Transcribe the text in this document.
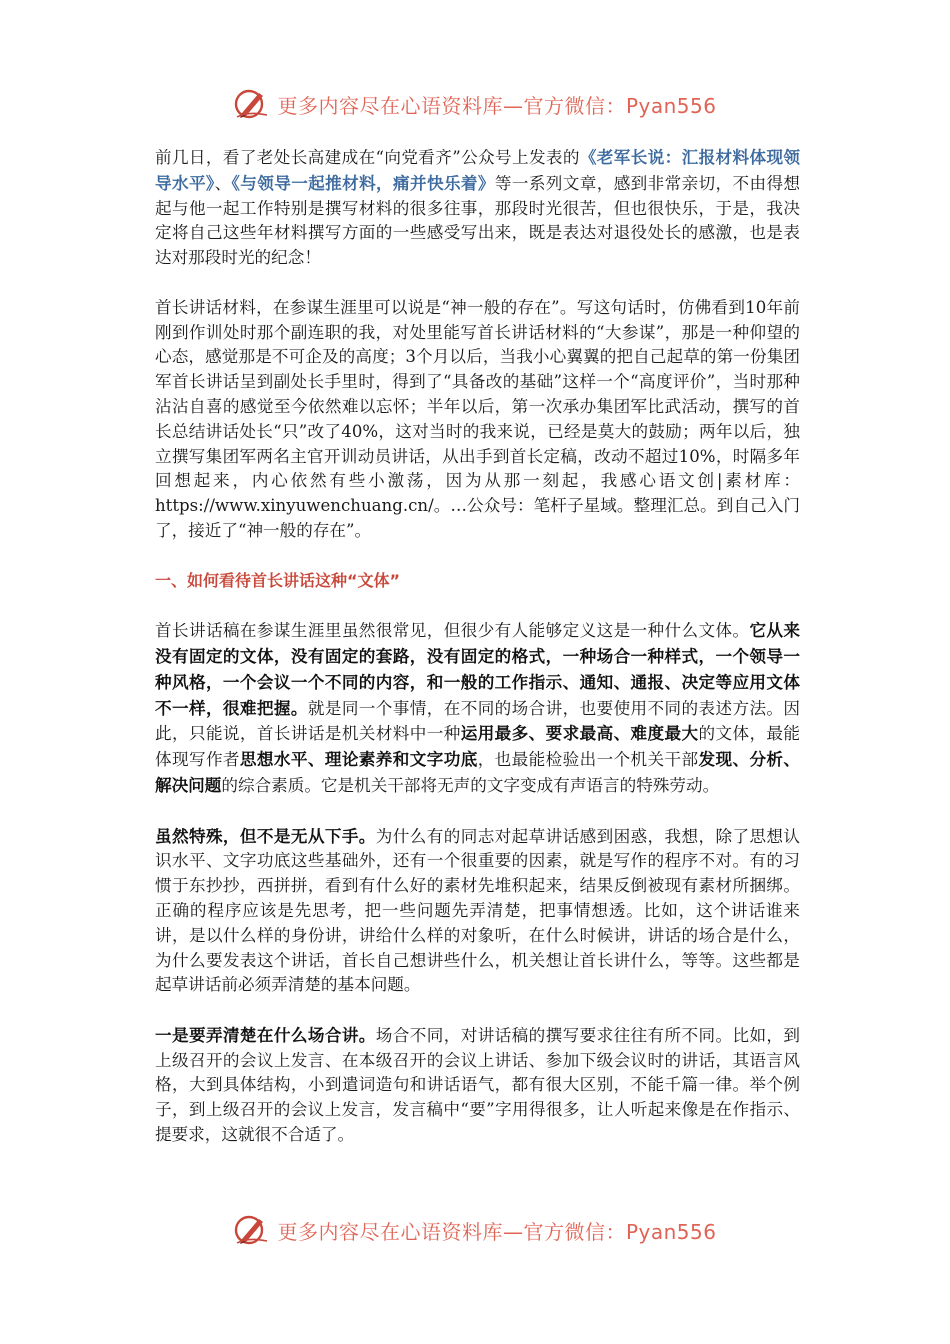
更多内容尽在心语资料库—官方微信：Pyan556

前几日，看了老处长高建成在“向党看齐”公众号上发表的《老军长说：汇报材料体现领导水平》、《与领导一起推材料，痛并快乐着》等一系列文章，感到非常亲切，不由得想起与他一起工作特别是撰写材料的很多往事，那段时光很苦，但也很快乐，于是，我决定将自己这些年材料撰写方面的一些感受写出来，既是表达对退役处长的感激，也是表达对那段时光的纪念！

首长讲话材料，在参谋生涯里可以说是“神一般的存在”。写这句话时，仿佛看到10年前刚到作训处时那个副连职的我，对处里能写首长讲话材料的“大参谋”，那是一种仰望的心态，感觉那是不可企及的高度；3个月以后，当我小心翼翼的把自己起草的第一份集团军首长讲话呈到副处长手里时，得到了“具备改的基础”这样一个“高度评价”，当时那种沾沾自喜的感觉至今依然难以忘怀；半年以后，第一次承办集团军比武活动，撰写的首长总结讲话处长“只”改了40%，这对当时的我来说，已经是莫大的鼓励；两年以后，独立撰写集团军两名主官开训动员讲话，从出手到首长定稿，改动不超过10%，时隔多年回想起来，内心依然有些小激荡，因为从那一刻起，我感心语文创|素材库：https://www.xinyuwenchuang.cn/。…公众号：笔杆子星域。整理汇总。到自己入门了，接近了“神一般的存在”。

一、如何看待首长讲话这种“文体”

首长讲话稿在参谋生涯里虽然很常见，但很少有人能够定义这是一种什么文体。它从来没有固定的文体，没有固定的套路，没有固定的格式，一种场合一种样式，一个领导一种风格，一个会议一个不同的内容，和一般的工作指示、通知、通报、决定等应用文体不一样，很难把握。就是同一个事情，在不同的场合讲，也要使用不同的表述方法。因此，只能说，首长讲话是机关材料中一种运用最多、要求最高、难度最大的文体，最能体现写作者思想水平、理论素养和文字功底，也最能检验出一个机关干部发现、分析、解决问题的综合素质。它是机关干部将无声的文字变成有声语言的特殊劳动。

虽然特殊，但不是无从下手。为什么有的同志对起草讲话感到困惑，我想，除了思想认识水平、文字功底这些基础外，还有一个很重要的因素，就是写作的程序不对。有的习惯于东抄抄，西拼拼，看到有什么好的素材先堆积起来，结果反倒被现有素材所捆绑。正确的程序应该是先思考，把一些问题先弄清楚，把事情想透。比如，这个讲话谁来讲，是以什么样的身份讲，讲给什么样的对象听，在什么时候讲，讲话的场合是什么，为什么要发表这个讲话，首长自己想讲些什么，机关想让首长讲什么，等等。这些都是起草讲话前必须弄清楚的基本问题。

一是要弄清楚在什么场合讲。场合不同，对讲话稿的撰写要求往往有所不同。比如，到上级召开的会议上发言、在本级召开的会议上讲话、参加下级会议时的讲话，其语言风格，大到具体结构，小到遣词造句和讲话语气，都有很大区别，不能千篇一律。举个例子，到上级召开的会议上发言，发言稿中“要”字用得很多，让人听起来像是在作指示、提要求，这就很不合适了。

更多内容尽在心语资料库—官方微信：Pyan556
